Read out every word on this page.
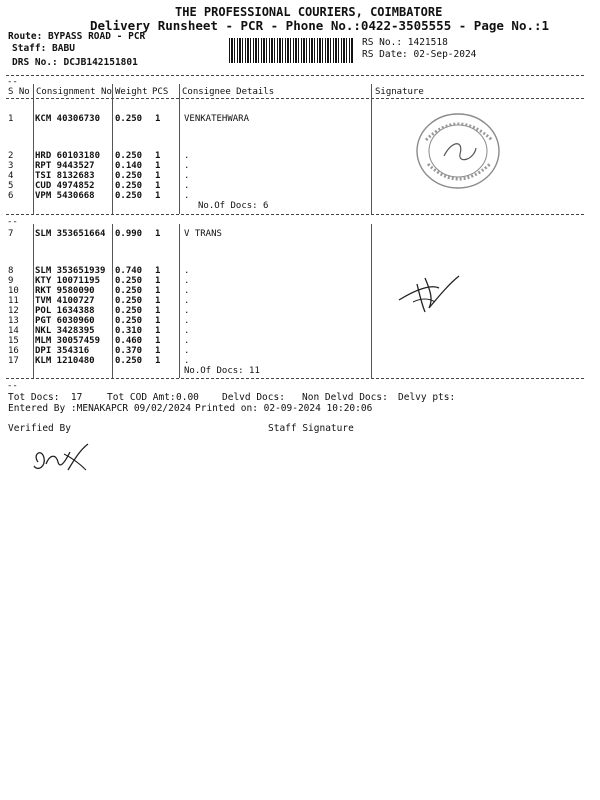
THE PROFESSIONAL COURIERS, COIMBATORE
Delivery Runsheet - PCR - Phone No.:0422-3505555 - Page No.:1
Route: BYPASS ROAD - PCR
Staff: BABU
DRS No.: DCJB142151801
RS No.: 1421518
RS Date: 02-Sep-2024
--
S No Consignment No Weight PCS Consignee Details	Signature
1 KCM 40306730 0.250 1	VENKATEHWARA
2 HRD 60103180 0.250 1	.
3 RPT 9443527 0.140 1	.
4 TSI 8132683 0.250 1	.
5 CUD 4974852 0.250 1	.
6 VPM 5430668 0.250 1	.
No.Of Docs: 6
--
7 SLM 353651664 0.990 1	V TRANS
8 SLM 353651939 0.740 1	.
9 KTY 10071195 0.250 1	.
10 RKT 9580090 0.250 1	.
11 TVM 4100727 0.250 1	.
12 POL 1634388 0.250 1	.
13 PGT 6030960 0.250 1	.
14 NKL 3428395 0.310 1	.
15 MLM 30057459 0.460 1	.
16 DPI 354316	0.370 1	.
17 KLM 1210480 0.250 1	.
No.Of Docs: 11
--
Tot Docs:  17	Tot COD Amt: 0.00 Delvd Docs: Non Delvd Docs: Delvy pts:
Entered By :MENAKAPCR 09/02/2024 Printed on: 02-09-2024 10:20:06
Verified By	Staff Signature
